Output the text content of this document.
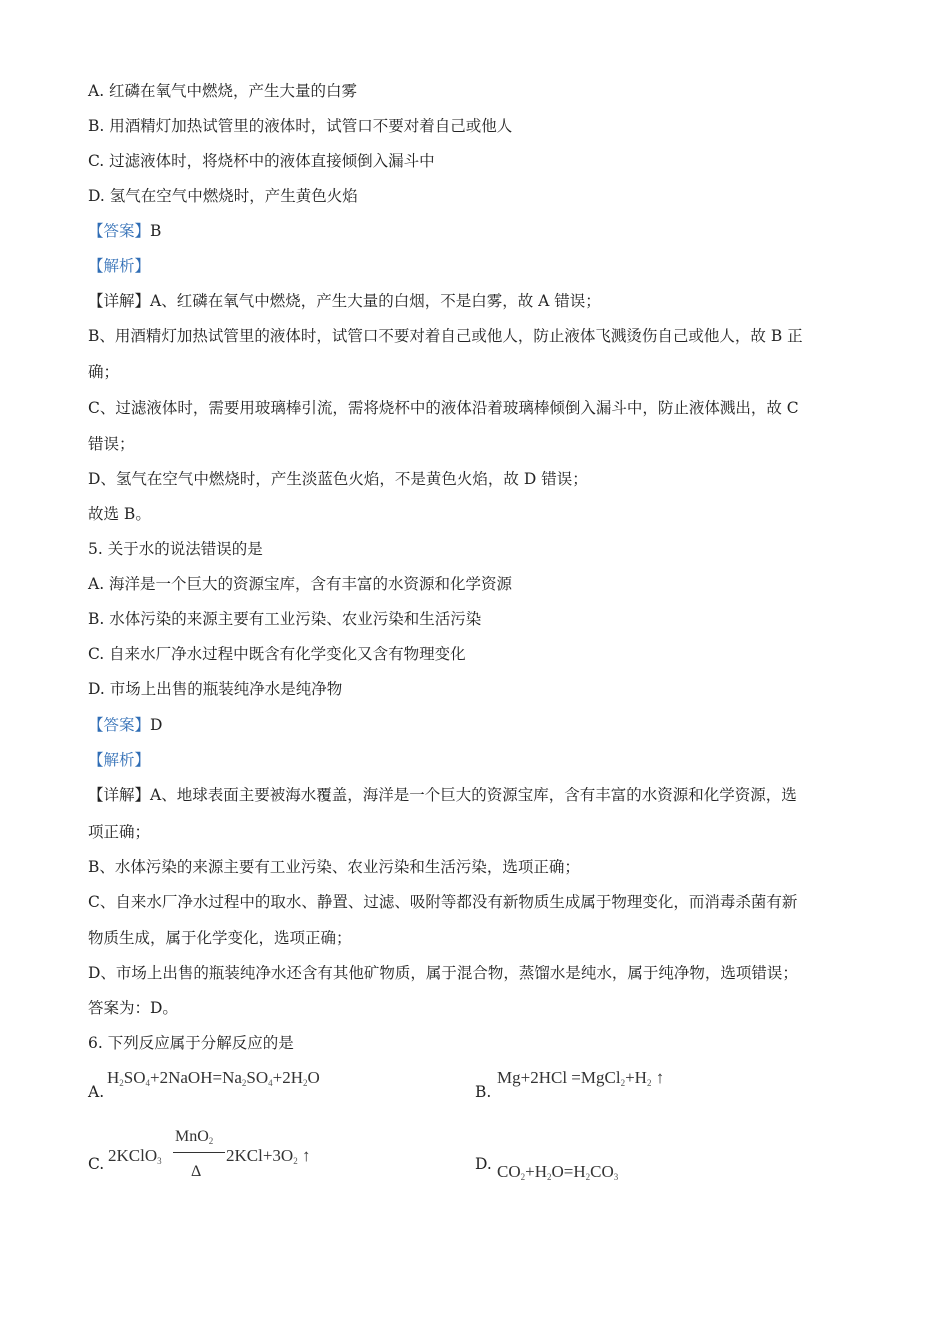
A. 红磷在氧气中燃烧，产生大量的白雾
B. 用酒精灯加热试管里的液体时，试管口不要对着自己或他人
C. 过滤液体时，将烧杯中的液体直接倾倒入漏斗中
D. 氢气在空气中燃烧时，产生黄色火焰
【答案】B
【解析】
【详解】A、红磷在氧气中燃烧，产生大量的白烟，不是白雾，故 A 错误；
B、用酒精灯加热试管里的液体时，试管口不要对着自己或他人，防止液体飞溅烫伤自己或他人，故 B 正
确；
C、过滤液体时，需要用玻璃棒引流，需将烧杯中的液体沿着玻璃棒倾倒入漏斗中，防止液体溅出，故 C
错误；
D、氢气在空气中燃烧时，产生淡蓝色火焰，不是黄色火焰，故 D 错误；
故选 B。
5. 关于水的说法错误的是
A. 海洋是一个巨大的资源宝库，含有丰富的水资源和化学资源
B. 水体污染的来源主要有工业污染、农业污染和生活污染
C. 自来水厂净水过程中既含有化学变化又含有物理变化
D. 市场上出售的瓶装纯净水是纯净物
【答案】D
【解析】
【详解】A、地球表面主要被海水覆盖，海洋是一个巨大的资源宝库，含有丰富的水资源和化学资源，选
项正确；
B、水体污染的来源主要有工业污染、农业污染和生活污染，选项正确；
C、自来水厂净水过程中的取水、静置、过滤、吸附等都没有新物质生成属于物理变化，而消毒杀菌有新
物质生成，属于化学变化，选项正确；
D、市场上出售的瓶装纯净水还含有其他矿物质，属于混合物，蒸馏水是纯水，属于纯净物，选项错误；
答案为：D。
6. 下列反应属于分解反应的是
A.
$H_2SO_4+2NaOH=Na_2SO_4+2H_2O$
B.
$Mg+2HCl =MgCl_2+H_2$ ↑
C. 2KClO$_3$
MnO$_2$
Δ
$2KCl+3O_2$ ↑	D. $CO_2+H_2O=H_2CO_3$
